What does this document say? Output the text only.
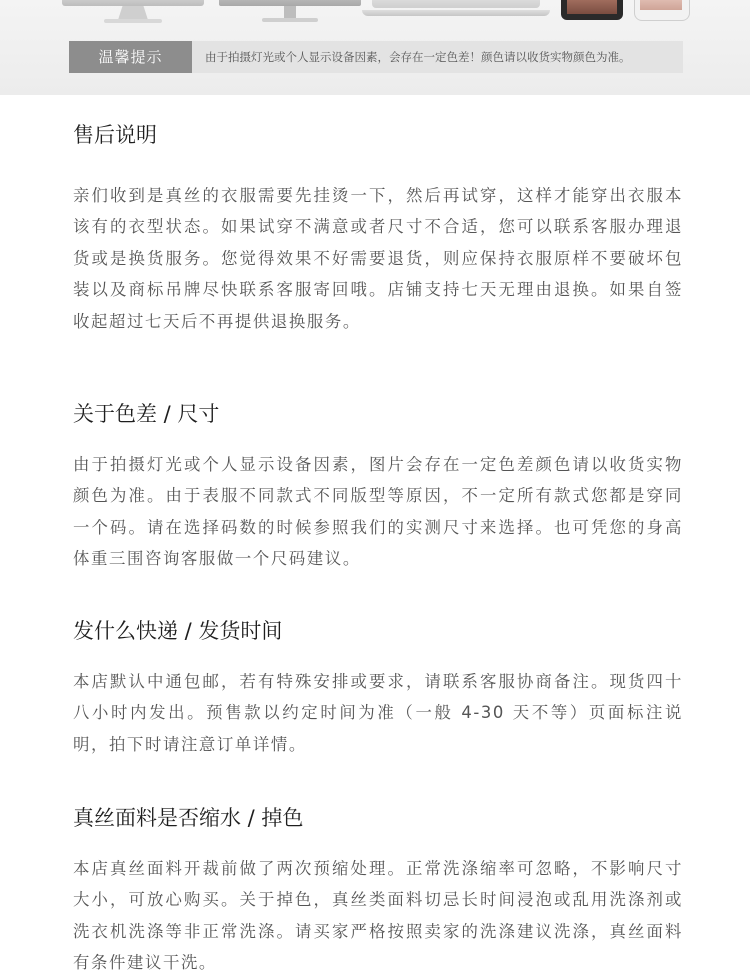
温馨提示	由于拍摄灯光或个人显示设备因素，会存在一定色差！颜色请以收货实物颜色为准。
售后说明

亲们收到是真丝的衣服需要先挂烫一下，然后再试穿，这样才能穿出衣服本该有的衣型状态。如果试穿不满意或者尺寸不合适，您可以联系客服办理退货或是换货服务。您觉得效果不好需要退货，则应保持衣服原样不要破坏包装以及商标吊牌尽快联系客服寄回哦。店铺支持七天无理由退换。如果自签收起超过七天后不再提供退换服务。

关于色差 / 尺寸

由于拍摄灯光或个人显示设备因素，图片会存在一定色差颜色请以收货实物颜色为准。由于表服不同款式不同版型等原因，不一定所有款式您都是穿同一个码。请在选择码数的时候参照我们的实测尺寸来选择。也可凭您的身高体重三围咨询客服做一个尺码建议。

发什么快递 / 发货时间

本店默认中通包邮，若有特殊安排或要求，请联系客服协商备注。现货四十八小时内发出。预售款以约定时间为准（一般 4-30 天不等）页面标注说明，拍下时请注意订单详情。

真丝面料是否缩水 / 掉色

本店真丝面料开裁前做了两次预缩处理。正常洗涤缩率可忽略，不影响尺寸大小，可放心购买。关于掉色，真丝类面料切忌长时间浸泡或乱用洗涤剂或洗衣机洗涤等非正常洗涤。请买家严格按照卖家的洗涤建议洗涤，真丝面料有条件建议干洗。
